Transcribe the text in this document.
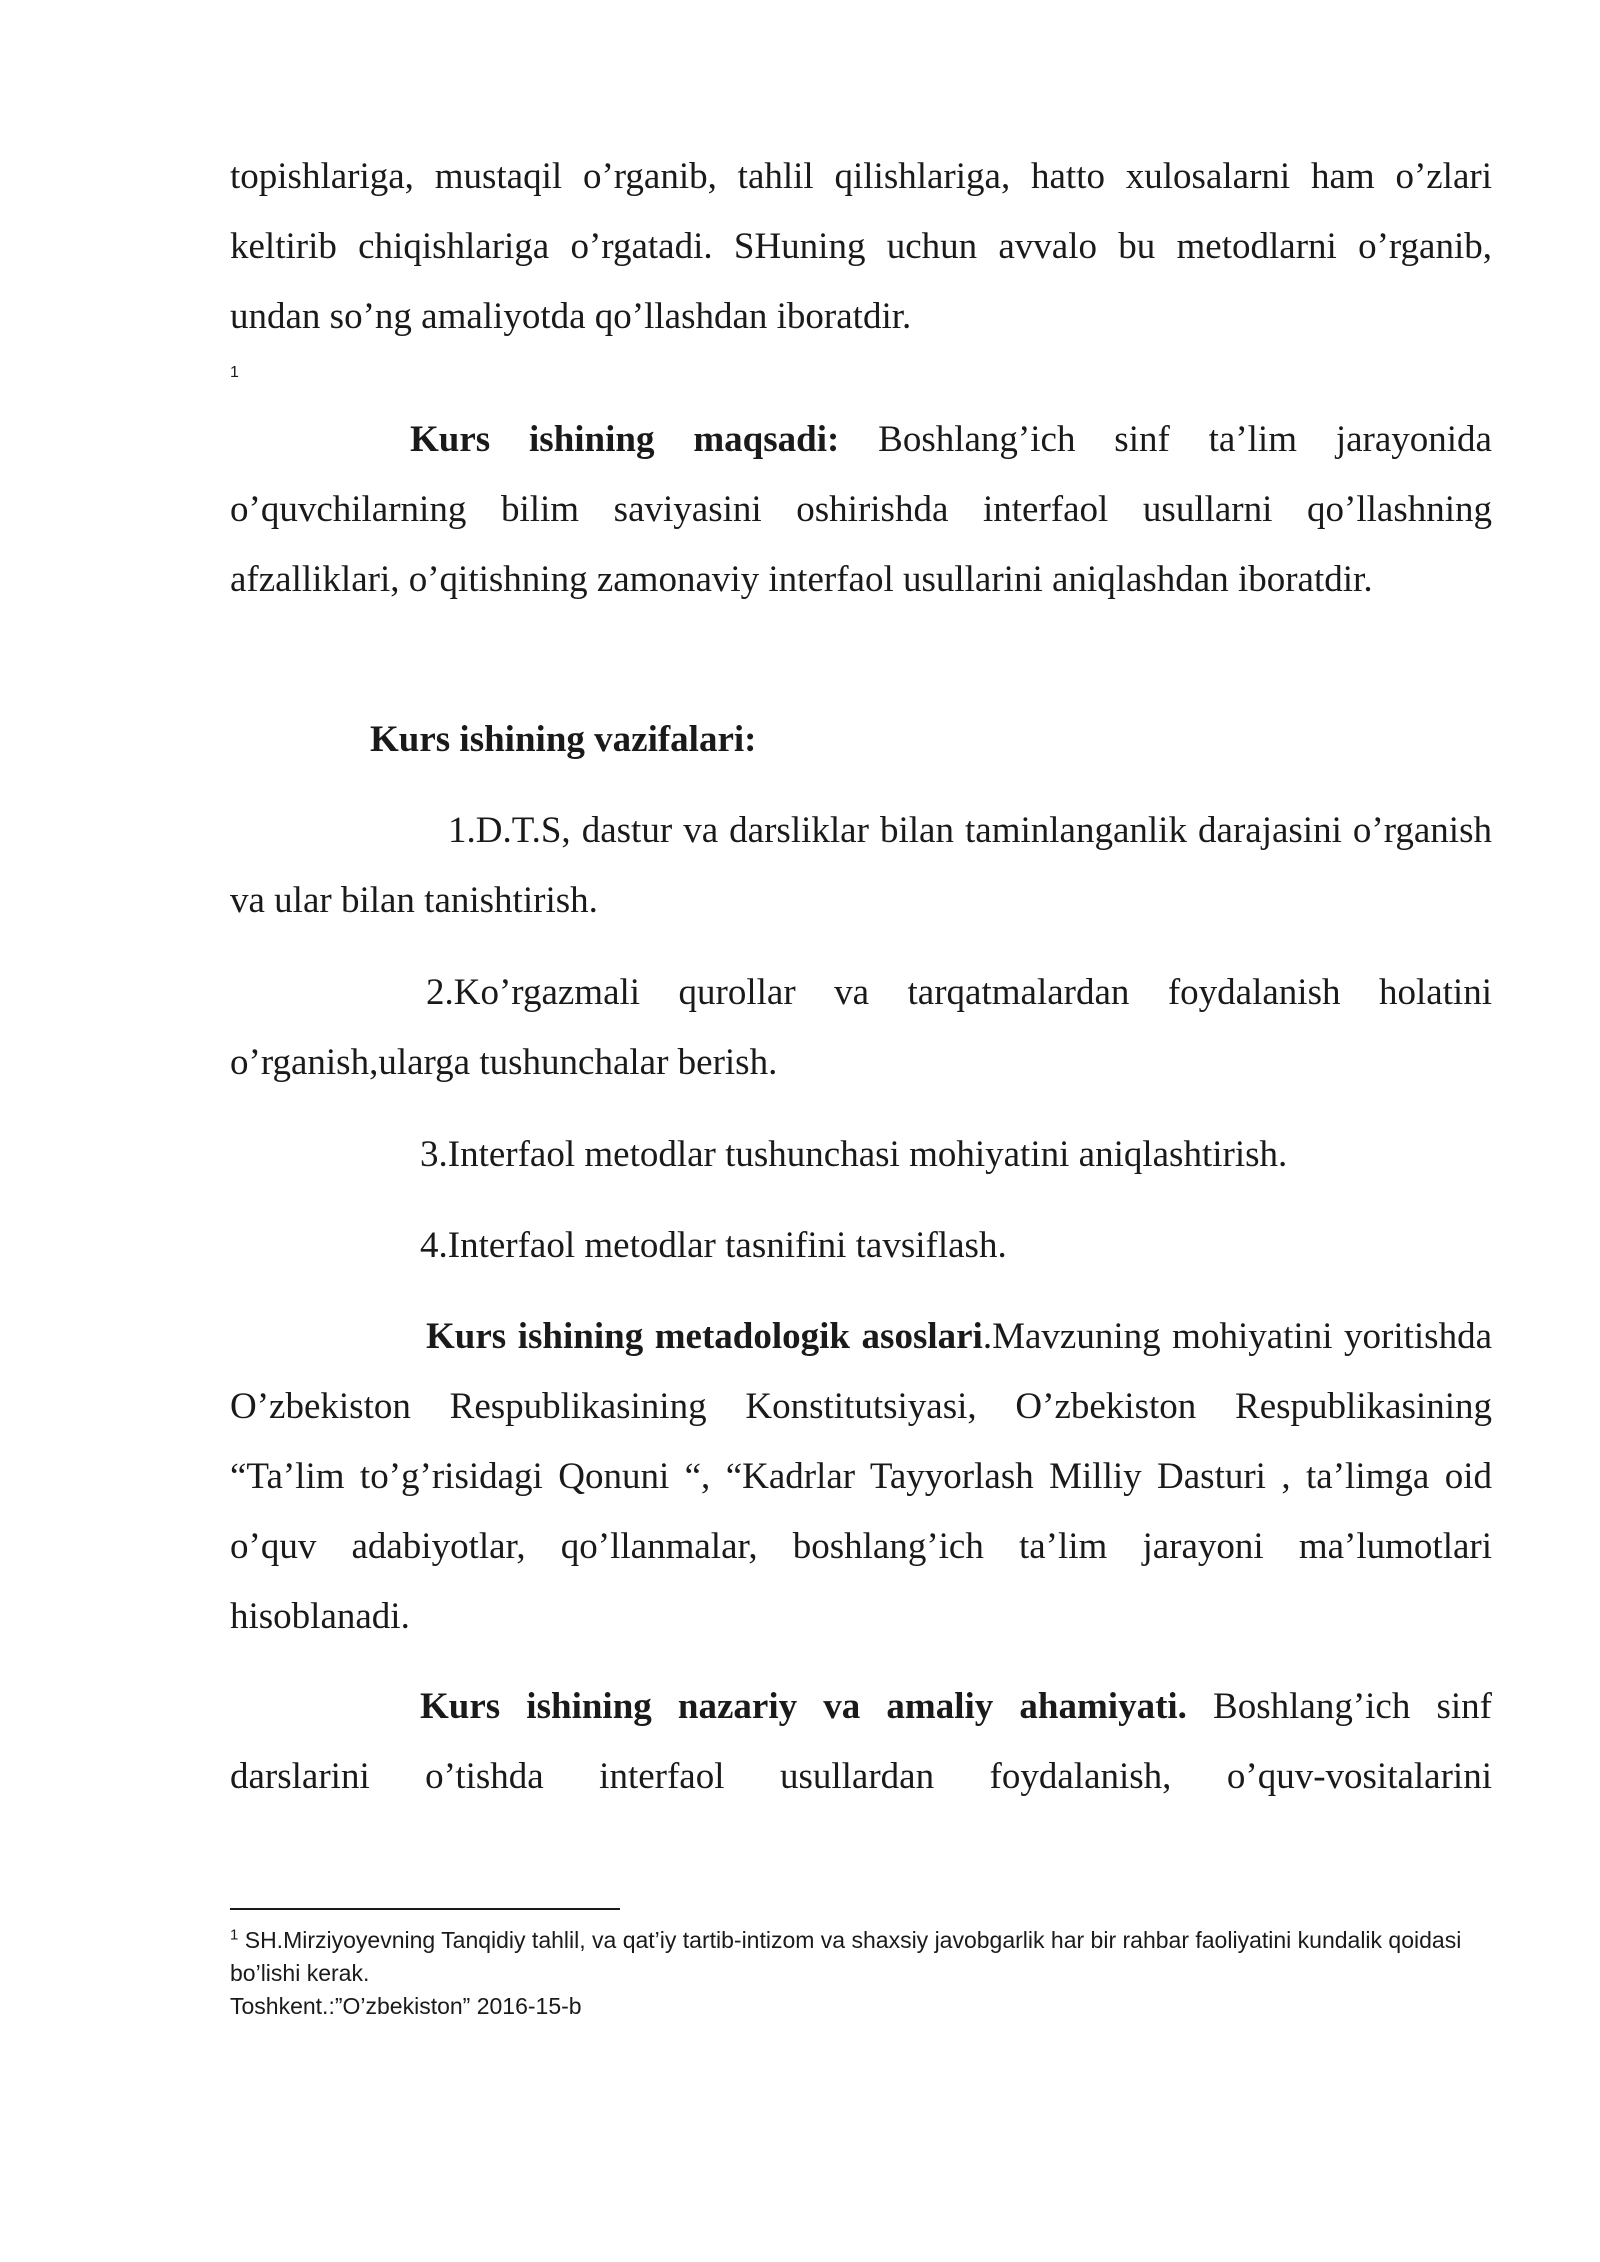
topishlariga, mustaqil o’rganib, tahlil qilishlariga, hatto xulosalarni ham o’zlari keltirib chiqishlariga o’rgatadi. SHuning uchun avvalo bu metodlarni o’rganib, undan so’ng amaliyotda qo’llashdan iboratdir.

1

Kurs ishining maqsadi: Boshlang’ich sinf ta’lim jarayonida o’quvchilarning bilim saviyasini oshirishda interfaol usullarni qo’llashning afzalliklari, o’qitishning zamonaviy interfaol usullarini aniqlashdan iboratdir.

Kurs ishining vazifalari:

1.D.T.S, dastur va darsliklar bilan taminlanganlik darajasini o’rganish va ular bilan tanishtirish.

2.Ko’rgazmali qurollar va tarqatmalardan foydalanish holatini o’rganish,ularga tushunchalar berish.

3.Interfaol metodlar tushunchasi mohiyatini aniqlashtirish.

4.Interfaol metodlar tasnifini tavsiflash.

Kurs ishining metadologik asoslari.Mavzuning mohiyatini yoritishda O’zbekiston Respublikasining Konstitutsiyasi, O’zbekiston Respublikasining “Ta’lim to’g’risidagi Qonuni “, “Kadrlar Tayyorlash Milliy Dasturi , ta’limga oid o’quv adabiyotlar, qo’llanmalar, boshlang’ich ta’lim jarayoni ma’lumotlari hisoblanadi.

Kurs ishining nazariy va amaliy ahamiyati. Boshlang’ich sinf darslarini o’tishda interfaol usullardan foydalanish, o’quv-vositalarini

$^1$ SH.Mirziyoyevning Tanqidiy tahlil, va qat’iy tartib-intizom va shaxsiy javobgarlik har bir rahbar faoliyatini kundalik qoidasi bo’lishi kerak.

Toshkent.:”O’zbekiston” 2016-15-b
